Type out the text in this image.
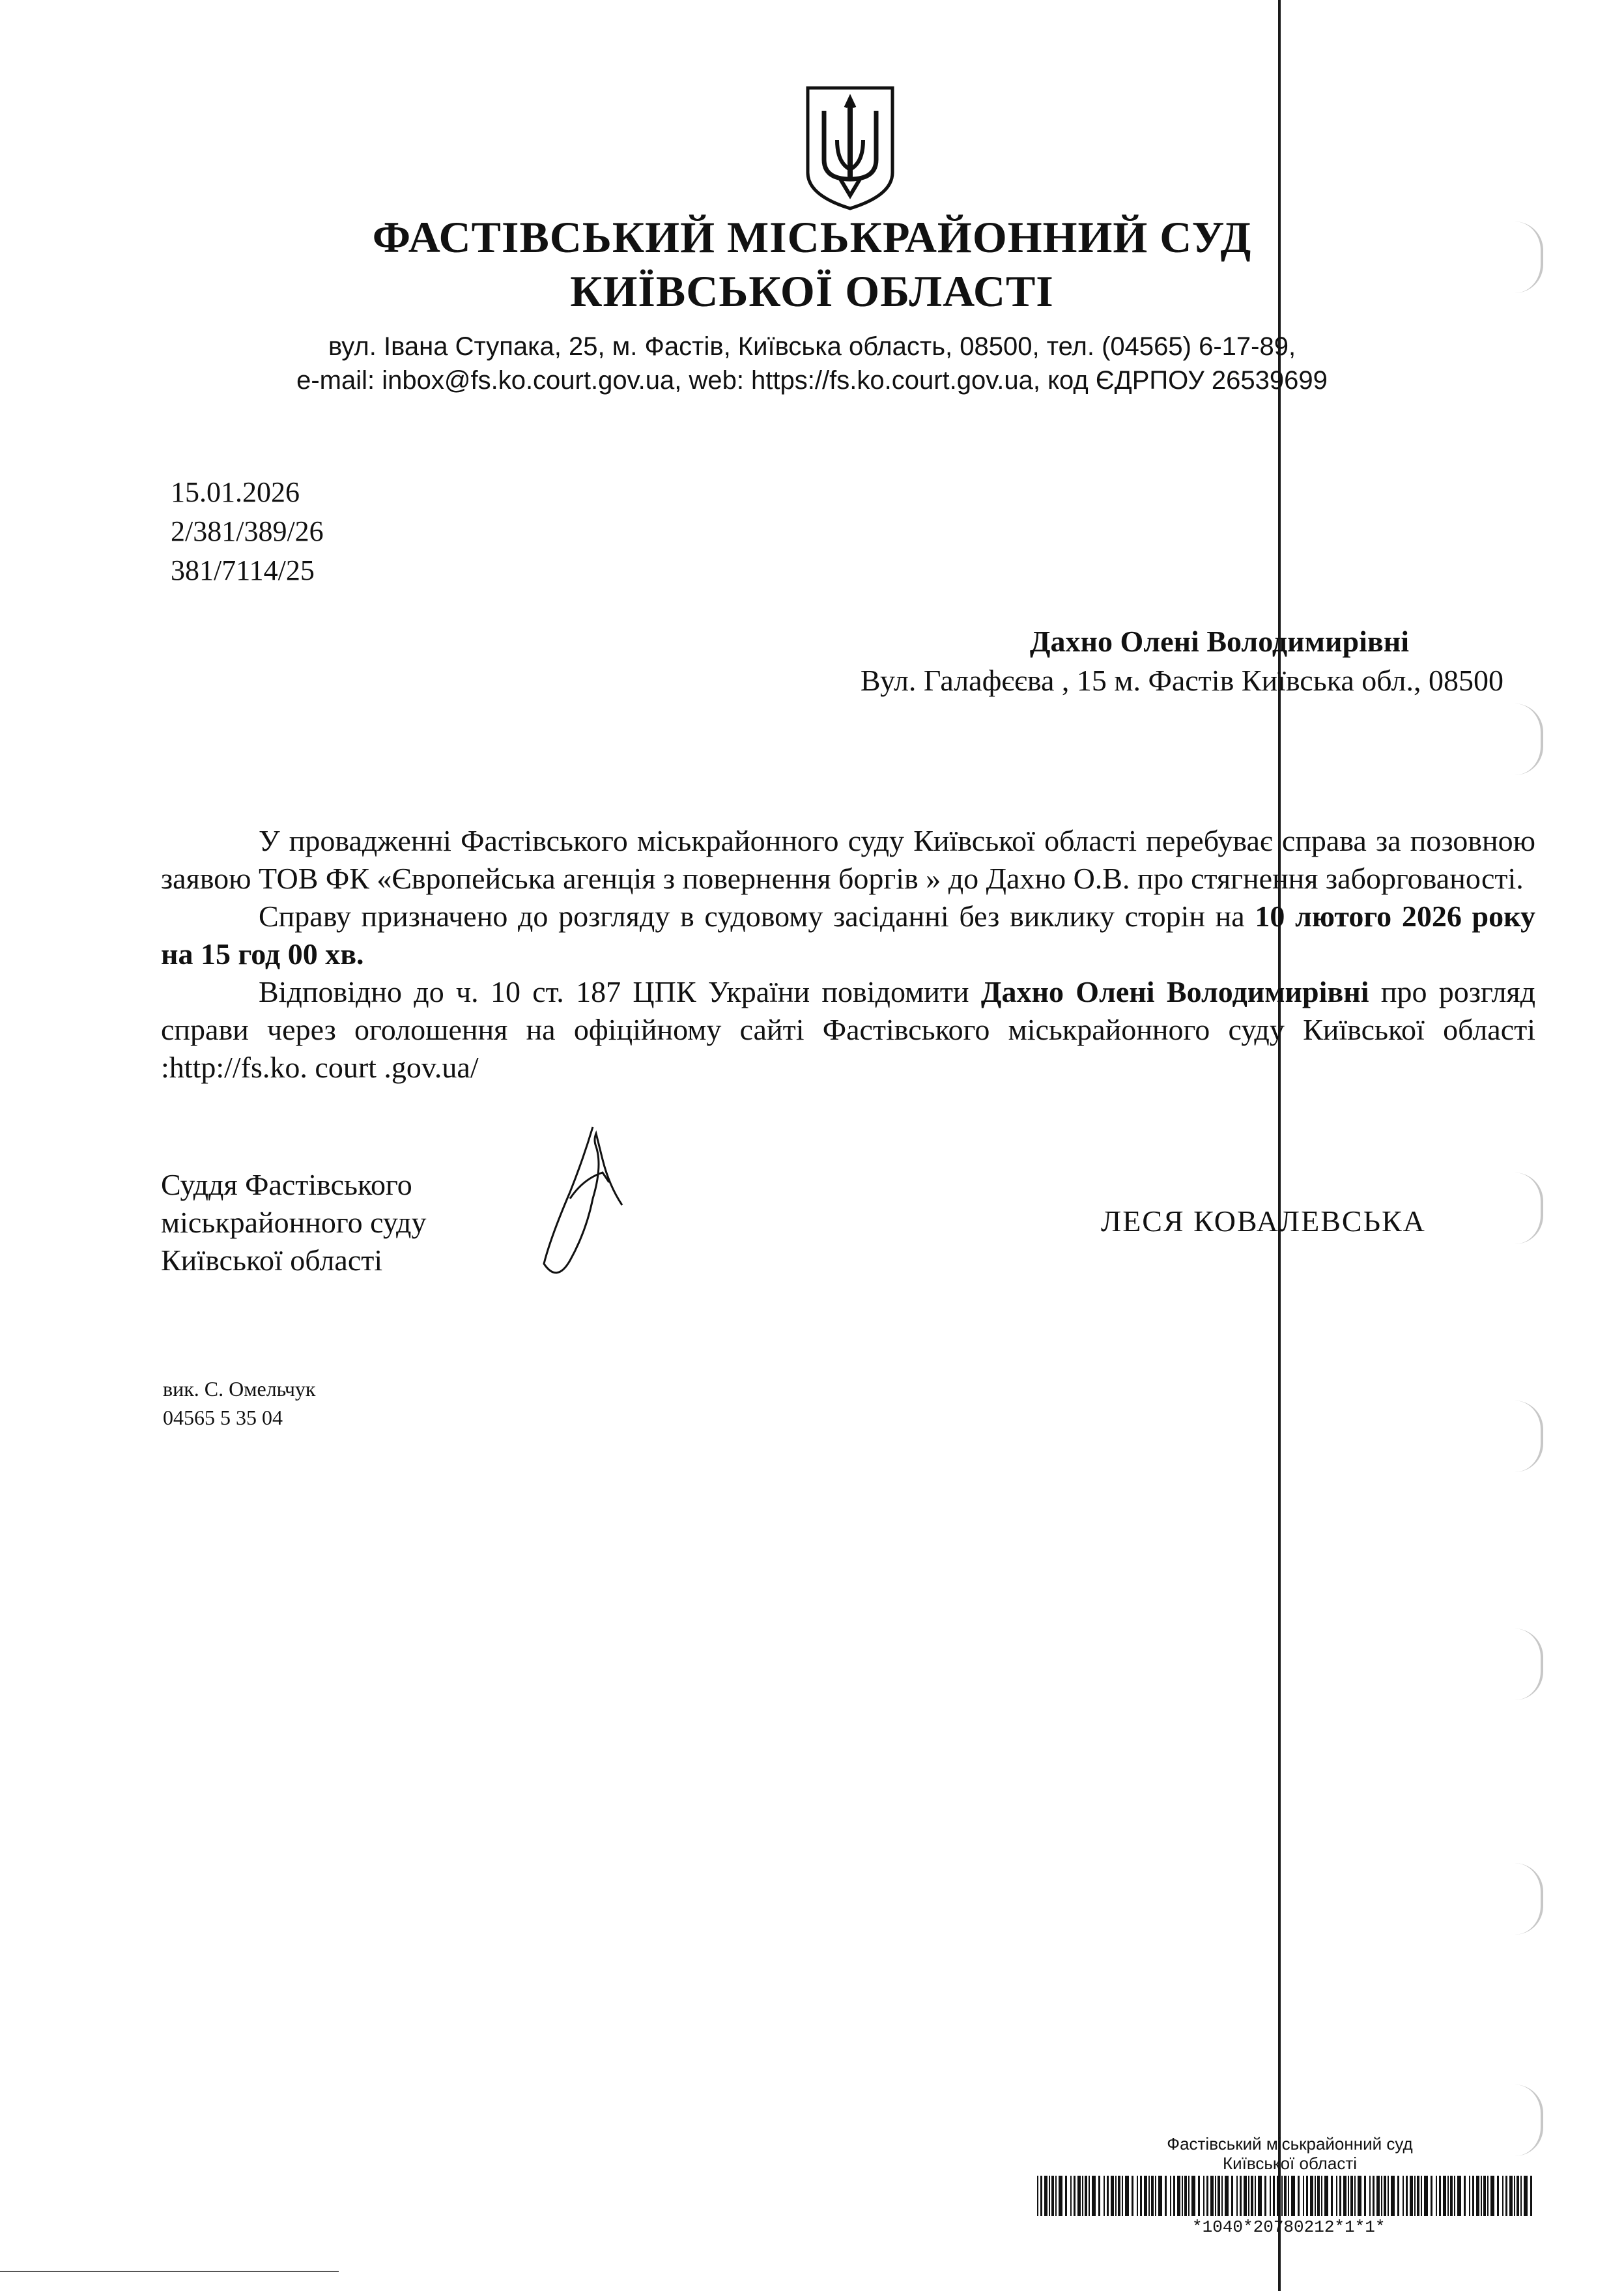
ФАСТІВСЬКИЙ МІСЬКРАЙОННИЙ СУД
КИЇВСЬКОЇ ОБЛАСТІ
вул. Івана Ступака, 25, м. Фастів, Київська область, 08500, тел. (04565) 6-17-89,
e-mail: inbox@fs.ko.court.gov.ua, web: https://fs.ko.court.gov.ua, код ЄДРПОУ 26539699
15.01.2026
2/381/389/26
381/7114/25
Дахно Олені Володимирівні
Вул. Галафєєва , 15 м. Фастів Київська обл., 08500

У провадженні Фастівського міськрайонного суду Київської області перебуває справа за позовною заявою ТОВ ФК «Європейська агенція з повернення боргів » до Дахно О.В. про стягнення заборгованості.

Справу призначено до розгляду в судовому засіданні без виклику сторін на 10 лютого 2026 року на 15 год 00 хв.

Відповідно до ч. 10 ст. 187 ЦПК України повідомити Дахно Олені Володимирівні про розгляд справи через оголошення на офіційному сайті Фастівського міськрайонного суду Київської області :http://fs.ko. court .gov.ua/

Суддя Фастівського
міськрайонного суду
Київської області
ЛЕСЯ КОВАЛЕВСЬКА
вик. С. Омельчук
04565 5 35 04
Фастівський міськрайонний суд
Київської області
*1040*20780212*1*1*
